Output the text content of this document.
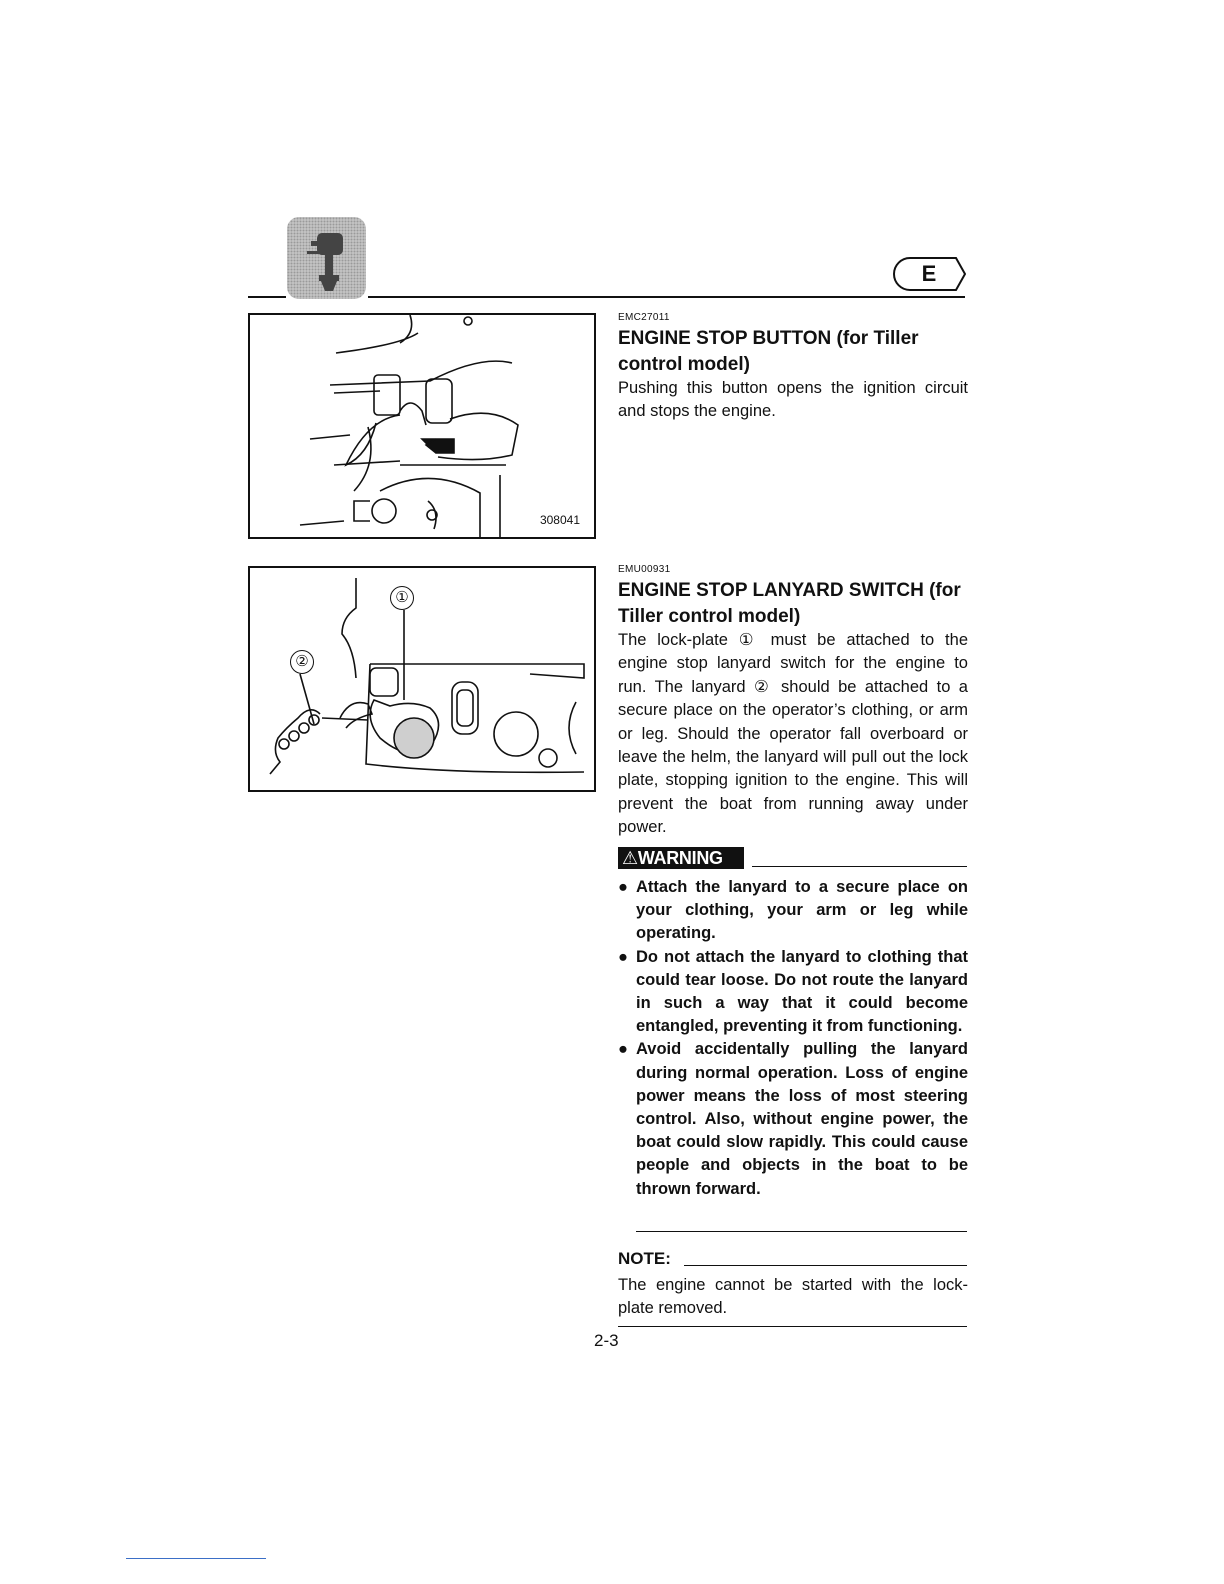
E
308041
①
②
EMC27011
ENGINE STOP BUTTON (for Tiller control model)
Pushing this button opens the ignition circuit and stops the engine.
EMU00931
ENGINE STOP LANYARD SWITCH (for Tiller control model)
The lock-plate ① must be attached to the engine stop lanyard switch for the engine to run. The lanyard ② should be attached to a secure place on the operator’s clothing, or arm or leg. Should the operator fall overboard or leave the helm, the lanyard will pull out the lock plate, stopping ignition to the engine. This will prevent the boat from running away under power.
⚠WARNING
● Attach the lanyard to a secure place on your clothing, your arm or leg while operating.
● Do not attach the lanyard to clothing that could tear loose. Do not route the lanyard in such a way that it could become entangled, preventing it from functioning.
● Avoid accidentally pulling the lanyard during normal operation. Loss of engine power means the loss of most steering control. Also, without engine power, the boat could slow rapidly. This could cause people and objects in the boat to be thrown forward.
NOTE:
The engine cannot be started with the lock-plate removed.
2-3
